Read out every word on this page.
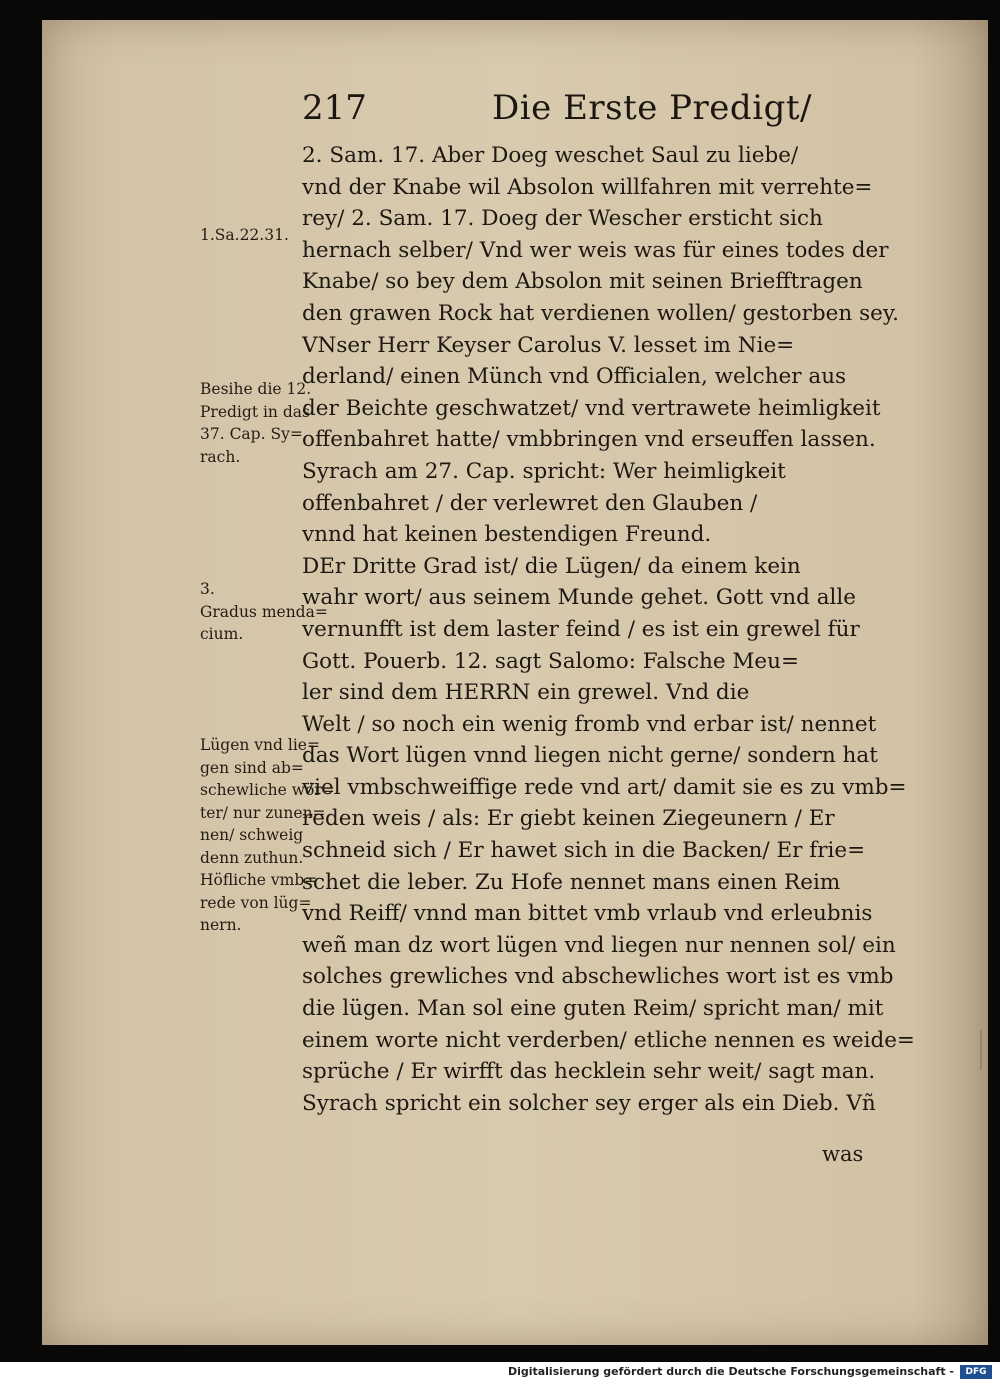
217	Die Erste Predigt/
2. Sam. 17. Aber Doeg weschet Saul zu liebe/
vnd der Knabe wil Absolon willfahren mit verrehte=
rey/ 2. Sam. 17. Doeg der Wescher ersticht sich
hernach selber/ Vnd wer weis was für eines todes der
Knabe/ so bey dem Absolon mit seinen Briefftragen
den grawen Rock hat verdienen wollen/ gestorben sey.
VNser Herr Keyser Carolus V. lesset im Nie=
derland/ einen Münch vnd Officialen, welcher aus
der Beichte geschwatzet/ vnd vertrawete heimligkeit
offenbahret hatte/ vmbbringen vnd erseuffen lassen.
Syrach am 27. Cap. spricht: Wer heimligkeit
offenbahret / der verlewret den Glauben /
vnnd hat keinen bestendigen Freund.
DEr Dritte Grad ist/ die Lügen/ da einem kein
wahr wort/ aus seinem Munde gehet. Gott vnd alle
vernunfft ist dem laster feind / es ist ein grewel für
Gott. Pouerb. 12. sagt Salomo: Falsche Meu=
ler sind dem HERRN ein grewel. Vnd die
Welt / so noch ein wenig fromb vnd erbar ist/ nennet
das Wort lügen vnnd liegen nicht gerne/ sondern hat
viel vmbschweiffige rede vnd art/ damit sie es zu vmb=
reden weis / als: Er giebt keinen Ziegeunern / Er
schneid sich / Er hawet sich in die Backen/ Er frie=
schet die leber. Zu Hofe nennet mans einen Reim
vnd Reiff/ vnnd man bittet vmb vrlaub vnd erleubnis
weñ man dz wort lügen vnd liegen nur nennen sol/ ein
solches grewliches vnd abschewliches wort ist es vmb
die lügen. Man sol eine guten Reim/ spricht man/ mit
einem worte nicht verderben/ etliche nennen es weide=
sprüche / Er wirfft das hecklein sehr weit/ sagt man.
Syrach spricht ein solcher sey erger als ein Dieb. Vñ
1.Sa.22.31.
Besihe die 12.
Predigt in das
37. Cap. Sy=
rach.
3.
Gradus menda=
cium.
Lügen vnd lie=
gen sind ab=
schewliche wör=
ter/ nur zunen=
nen/ schweig
denn zuthun.
Höfliche vmb=
rede von lüg=
nern.
was
Digitalisierung gefördert durch die Deutsche Forschungsgemeinschaft -	DFG
